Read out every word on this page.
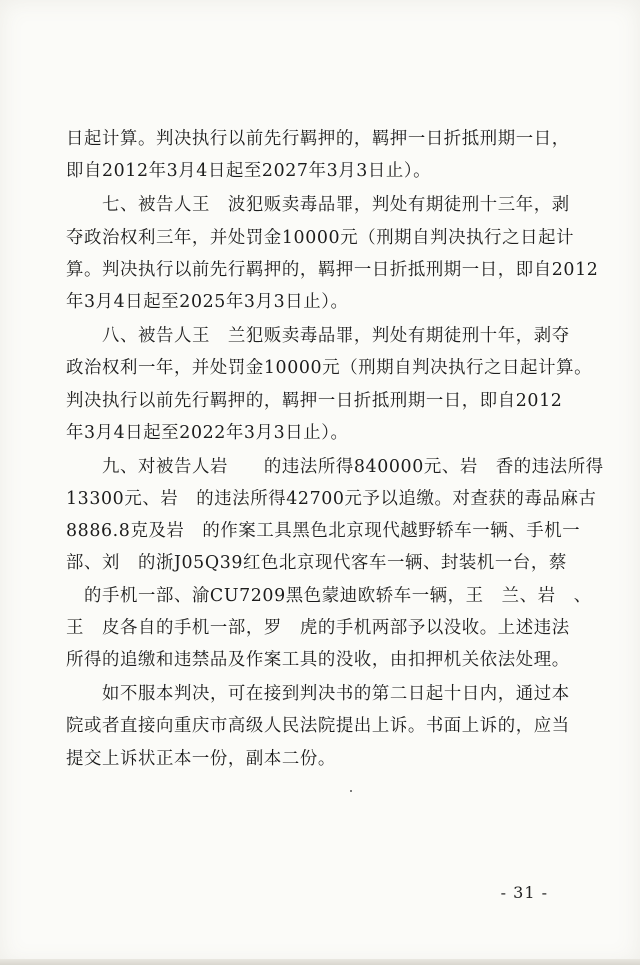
日起计算。判决执行以前先行羁押的，羁押一日折抵刑期一日，
即自2012年3月4日起至2027年3月3日止）。
七、被告人王　波犯贩卖毒品罪，判处有期徒刑十三年，剥
夺政治权利三年，并处罚金10000元（刑期自判决执行之日起计
算。判决执行以前先行羁押的，羁押一日折抵刑期一日，即自2012
年3月4日起至2025年3月3日止）。
八、被告人王　兰犯贩卖毒品罪，判处有期徒刑十年，剥夺
政治权利一年，并处罚金10000元（刑期自判决执行之日起计算。
判决执行以前先行羁押的，羁押一日折抵刑期一日，即自2012
年3月4日起至2022年3月3日止）。
九、对被告人岩　　的违法所得840000元、岩　香的违法所得
13300元、岩　的违法所得42700元予以追缴。对查获的毒品麻古
8886.8克及岩　的作案工具黑色北京现代越野轿车一辆、手机一
部、刘　的浙J05Q39红色北京现代客车一辆、封装机一台，蔡
的手机一部、渝CU7209黑色蒙迪欧轿车一辆，王　兰、岩　、
王　皮各自的手机一部，罗　虎的手机两部予以没收。上述违法
所得的追缴和违禁品及作案工具的没收，由扣押机关依法处理。
如不服本判决，可在接到判决书的第二日起十日内，通过本
院或者直接向重庆市高级人民法院提出上诉。书面上诉的，应当
提交上诉状正本一份，副本二份。
- 31 -
